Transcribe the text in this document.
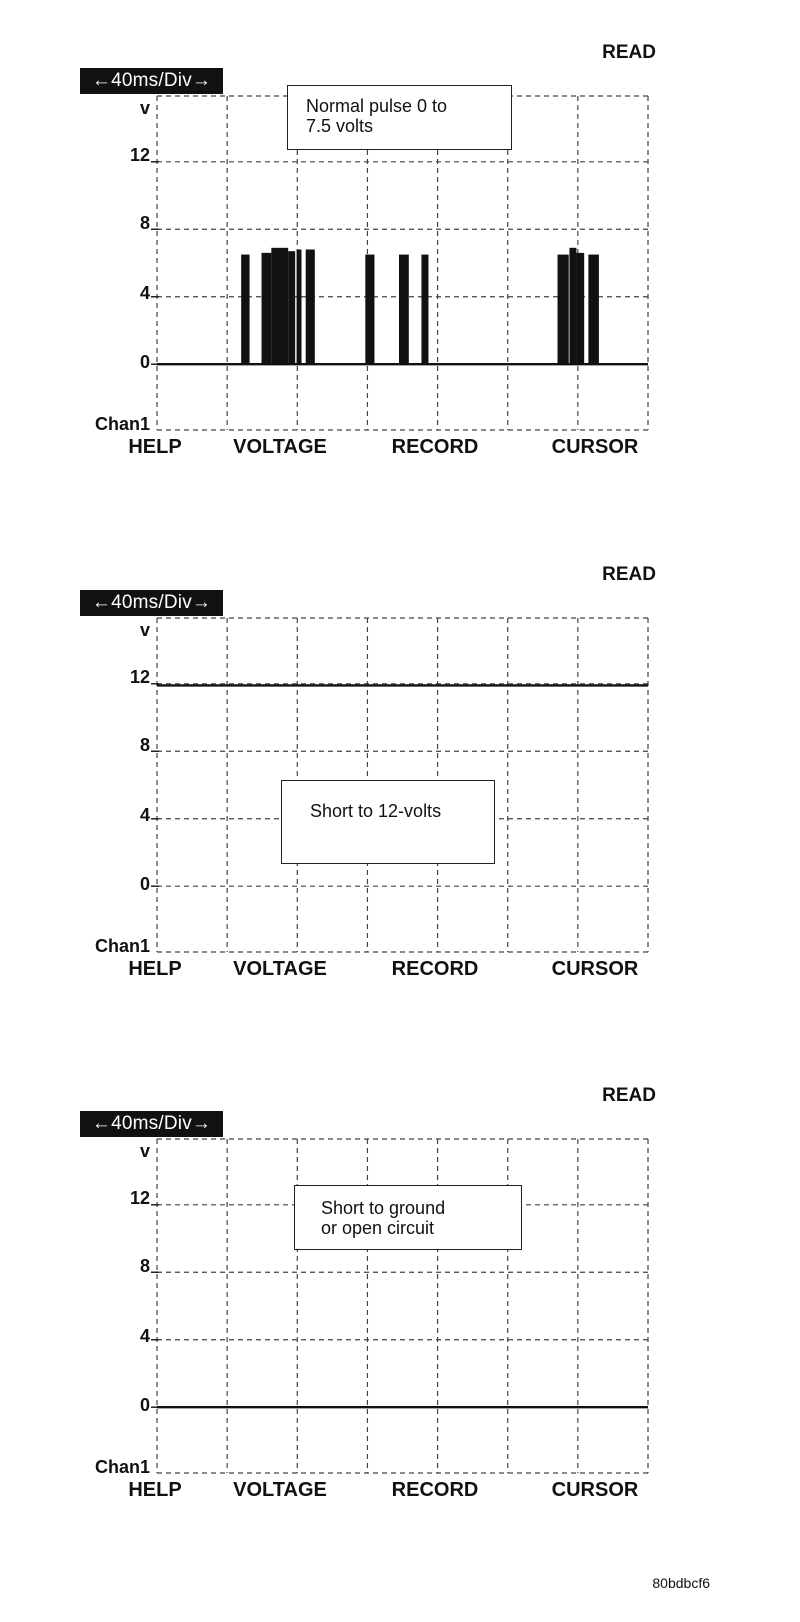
READ
←40ms/Div→
v
12
8
4
0
Chan1
Normal pulse 0 to
7.5 volts
HELP	VOLTAGE	RECORD	CURSOR
READ
←40ms/Div→
v
12
8
4
0
Chan1
Short to 12-volts
HELP	VOLTAGE	RECORD	CURSOR
READ
←40ms/Div→
v
12
8
4
0
Chan1
Short to ground
or open circuit
HELP	VOLTAGE	RECORD	CURSOR
80bdbcf6
